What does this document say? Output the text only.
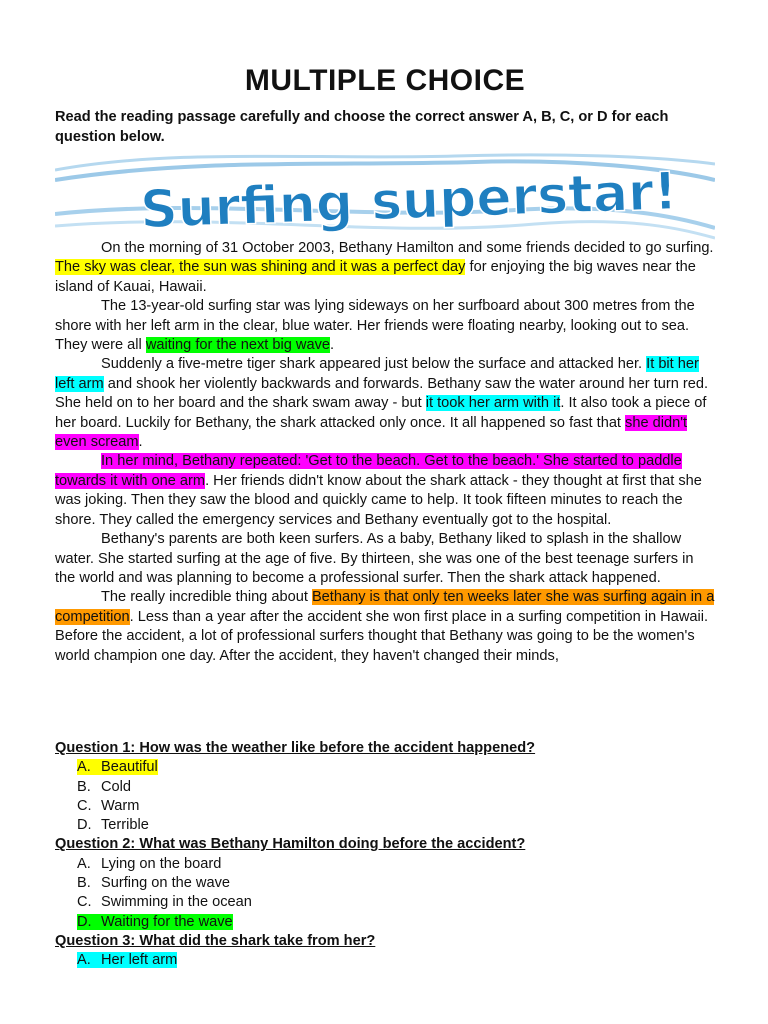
MULTIPLE CHOICE

Read the reading passage carefully and choose the correct answer A, B, C, or D for each question below.

Surfing superstar!

On the morning of 31 October 2003, Bethany Hamilton and some friends decided to go surfing. The sky was clear, the sun was shining and it was a perfect day for enjoying the big waves near the island of Kauai, Hawaii.

The 13-year-old surfing star was lying sideways on her surfboard about 300 metres from the shore with her left arm in the clear, blue water. Her friends were floating nearby, looking out to sea. They were all waiting for the next big wave.

Suddenly a five-metre tiger shark appeared just below the surface and attacked her. It bit her left arm and shook her violently backwards and forwards. Bethany saw the water around her turn red. She held on to her board and the shark swam away - but it took her arm with it. It also took a piece of her board. Luckily for Bethany, the shark attacked only once. It all happened so fast that she didn't even scream.

In her mind, Bethany repeated: 'Get to the beach. Get to the beach.' She started to paddle towards it with one arm. Her friends didn't know about the shark attack - they thought at first that she was joking. Then they saw the blood and quickly came to help. It took fifteen minutes to reach the shore. They called the emergency services and Bethany eventually got to the hospital.

Bethany's parents are both keen surfers. As a baby, Bethany liked to splash in the shallow water. She started surfing at the age of five. By thirteen, she was one of the best teenage surfers in the world and was planning to become a professional surfer. Then the shark attack happened.

The really incredible thing about Bethany is that only ten weeks later she was surfing again in a competition. Less than a year after the accident she won first place in a surfing competition in Hawaii. Before the accident, a lot of professional surfers thought that Bethany was going to be the women's world champion one day. After the accident, they haven't changed their minds,

Question 1: How was the weather like before the accident happened?

A. Beautiful
B. Cold
C. Warm
D. Terrible

Question 2: What was Bethany Hamilton doing before the accident?

A. Lying on the board
B. Surfing on the wave
C. Swimming in the ocean
D. Waiting for the wave

Question 3: What did the shark take from her?

A. Her left arm
